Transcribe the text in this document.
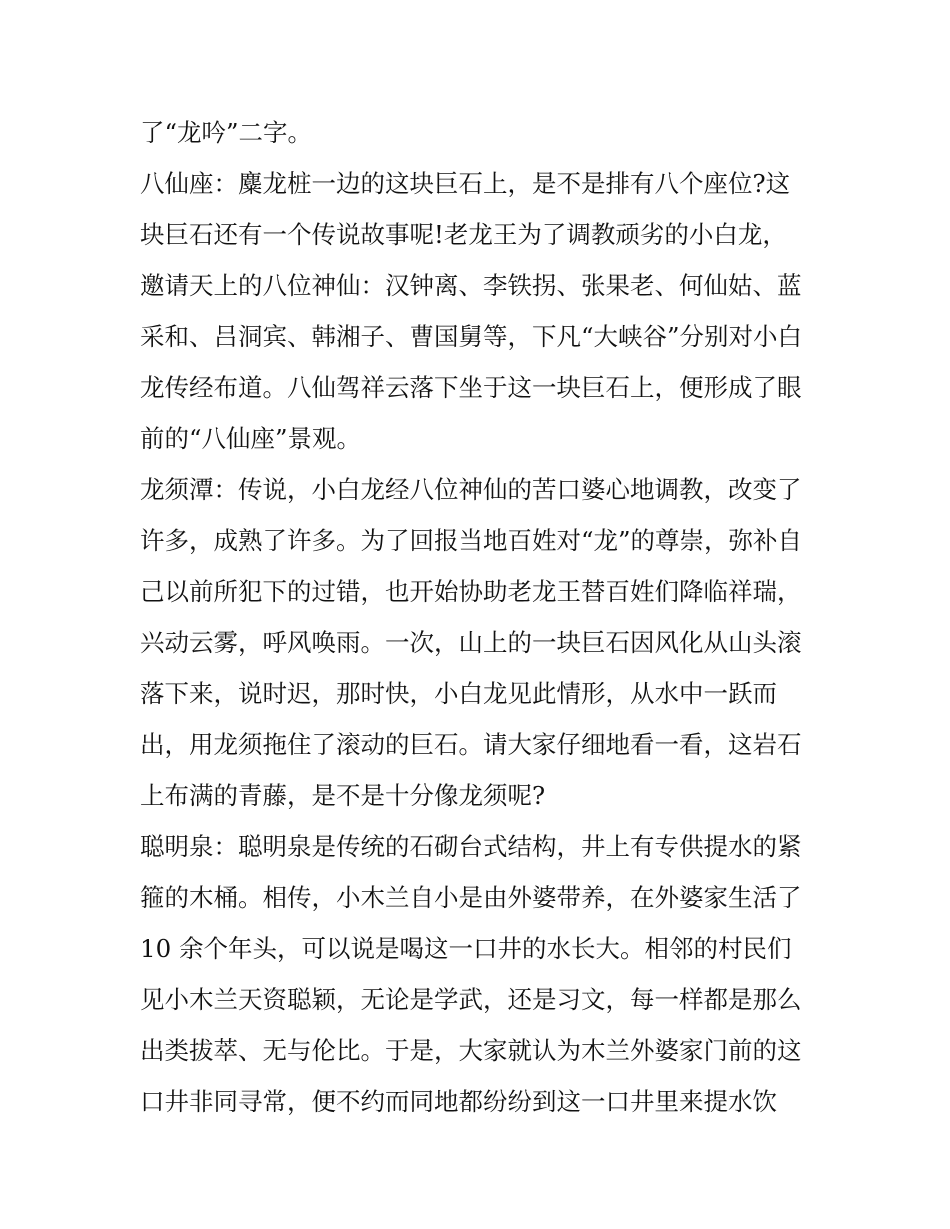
了“龙吟”二字。

八仙座：麋龙桩一边的这块巨石上，是不是排有八个座位?这

块巨石还有一个传说故事呢!老龙王为了调教顽劣的小白龙，

邀请天上的八位神仙：汉钟离、李铁拐、张果老、何仙姑、蓝

采和、吕洞宾、韩湘子、曹国舅等，下凡“大峡谷”分别对小白

龙传经布道。八仙驾祥云落下坐于这一块巨石上，便形成了眼

前的“八仙座”景观。

龙须潭：传说，小白龙经八位神仙的苦口婆心地调教，改变了

许多，成熟了许多。为了回报当地百姓对“龙”的尊崇，弥补自

己以前所犯下的过错，也开始协助老龙王替百姓们降临祥瑞，

兴动云雾，呼风唤雨。一次，山上的一块巨石因风化从山头滚

落下来，说时迟，那时快，小白龙见此情形，从水中一跃而

出，用龙须拖住了滚动的巨石。请大家仔细地看一看，这岩石

上布满的青藤，是不是十分像龙须呢?

聪明泉：聪明泉是传统的石砌台式结构，井上有专供提水的紧

箍的木桶。相传，小木兰自小是由外婆带养，在外婆家生活了

10 余个年头，可以说是喝这一口井的水长大。相邻的村民们

见小木兰天资聪颖，无论是学武，还是习文，每一样都是那么

出类拔萃、无与伦比。于是，大家就认为木兰外婆家门前的这

口井非同寻常，便不约而同地都纷纷到这一口井里来提水饮
